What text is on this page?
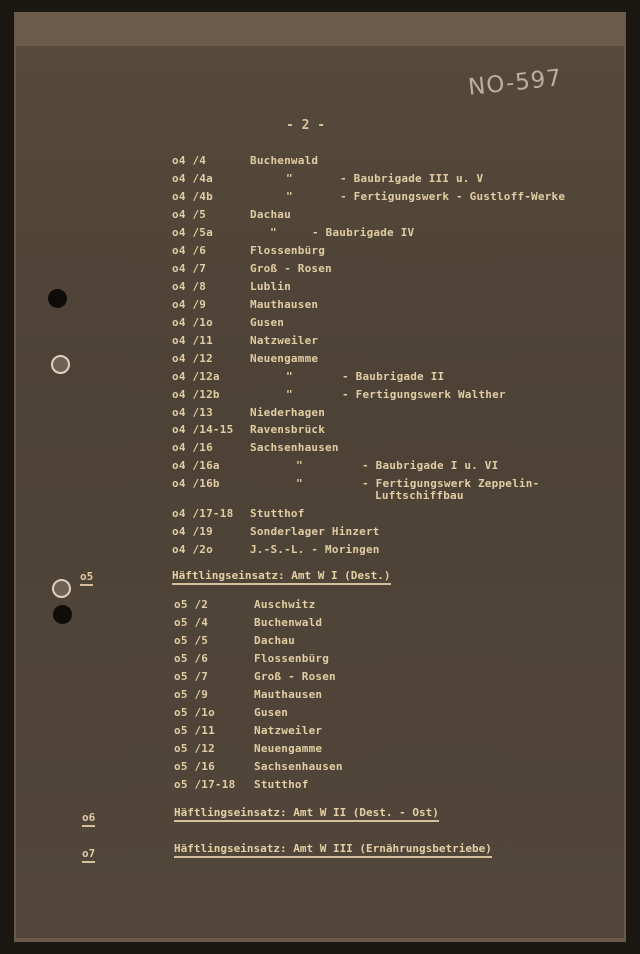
NO-597
- 2 -
o4 /4	Buchenwald
o4 /4a	"	- Baubrigade III u. V
o4 /4b	"	- Fertigungswerk - Gustloff-Werke
o4 /5	Dachau
o4 /5a	"	- Baubrigade IV
o4 /6	Flossenbürg
o4 /7	Groß - Rosen
o4 /8	Lublin
o4 /9	Mauthausen
o4 /1o	Gusen
o4 /11	Natzweiler
o4 /12	Neuengamme
o4 /12a	"	- Baubrigade II
o4 /12b	"	- Fertigungswerk Walther
o4 /13	Niederhagen
o4 /14-15 Ravensbrück
o4 /16	Sachsenhausen
o4 /16a	"	- Baubrigade I u. VI
o4 /16b	"	- Fertigungswerk Zeppelin-
Luftschiffbau
o4 /17-18 Stutthof
o4 /19	Sonderlager Hinzert
o4 /2o	J.-S.-L. - Moringen
o5	Häftlingseinsatz: Amt W I (Dest.)
o5 /2	Auschwitz
o5 /4	Buchenwald
o5 /5	Dachau
o5 /6	Flossenbürg
o5 /7	Groß - Rosen
o5 /9	Mauthausen
o5 /1o	Gusen
o5 /11	Natzweiler
o5 /12	Neuengamme
o5 /16	Sachsenhausen
o5 /17-18 Stutthof
o6	Häftlingseinsatz: Amt W II (Dest. - Ost)
o7	Häftlingseinsatz: Amt W III (Ernährungsbetriebe)
